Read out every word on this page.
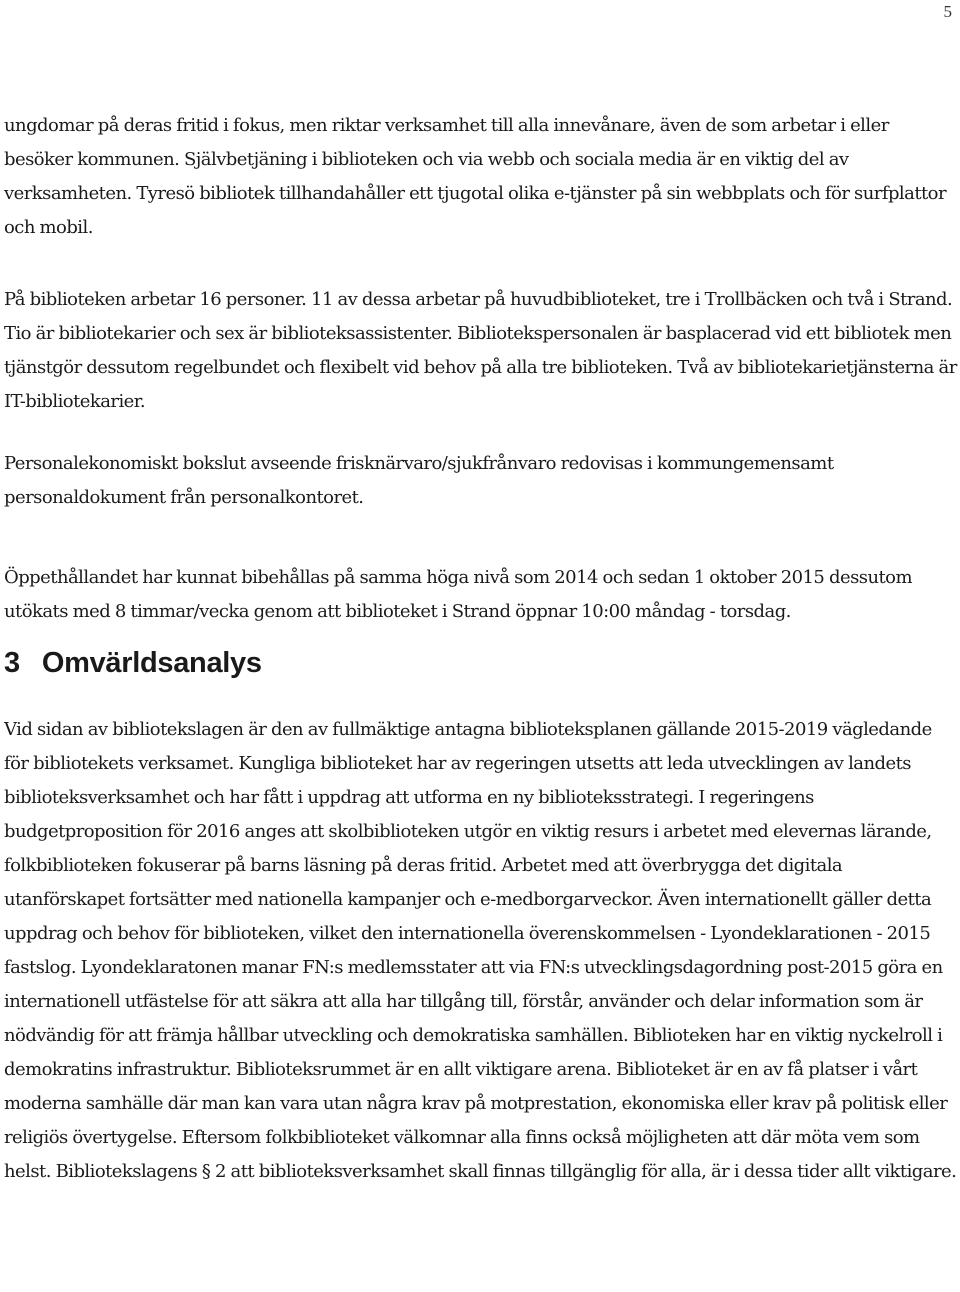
5

ungdomar på deras fritid i fokus, men riktar verksamhet till alla innevånare, även de som arbetar i eller besöker kommunen. Självbetjäning i biblioteken och via webb och sociala media är en viktig del av verksamheten. Tyresö bibliotek tillhandahåller ett tjugotal olika e-tjänster på sin webbplats och för surfplattor och mobil.

På biblioteken arbetar 16 personer. 11 av dessa arbetar på huvudbiblioteket, tre i Trollbäcken och två i Strand. Tio är bibliotekarier och sex är biblioteksassistenter. Bibliotekspersonalen är basplacerad vid ett bibliotek men tjänstgör dessutom regelbundet och flexibelt vid behov på alla tre biblioteken. Två av bibliotekarietjänsterna är IT-bibliotekarier.

Personalekonomiskt bokslut avseende frisknärvaro/sjukfrånvaro redovisas i kommungemensamt personaldokument från personalkontoret.

Öppethållandet har kunnat bibehållas på samma höga nivå som 2014 och sedan 1 oktober 2015 dessutom utökats med 8 timmar/vecka genom att biblioteket i Strand öppnar 10:00 måndag - torsdag.

3 Omvärldsanalys

Vid sidan av bibliotekslagen är den av fullmäktige antagna biblioteksplanen gällande 2015-2019 vägledande för bibliotekets verksamet. Kungliga biblioteket har av regeringen utsetts att leda utvecklingen av landets biblioteksverksamhet och har fått i uppdrag att utforma en ny biblioteksstrategi. I regeringens budgetproposition för 2016 anges att skolbiblioteken utgör en viktig resurs i arbetet med elevernas lärande, folkbiblioteken fokuserar på barns läsning på deras fritid. Arbetet med att överbrygga det digitala utanförskapet fortsätter med nationella kampanjer och e-medborgarveckor. Även internationellt gäller detta uppdrag och behov för biblioteken, vilket den internationella överenskommelsen - Lyondeklarationen - 2015 fastslog. Lyondeklaratonen manar FN:s medlemsstater att via FN:s utvecklingsdagordning post-2015 göra en internationell utfästelse för att säkra att alla har tillgång till, förstår, använder och delar information som är nödvändig för att främja hållbar utveckling och demokratiska samhällen. Biblioteken har en viktig nyckelroll i demokratins infrastruktur. Biblioteksrummet är en allt viktigare arena. Biblioteket är en av få platser i vårt moderna samhälle där man kan vara utan några krav på motprestation, ekonomiska eller krav på politisk eller religiös övertygelse. Eftersom folkbiblioteket välkomnar alla finns också möjligheten att där möta vem som helst. Bibliotekslagens § 2 att biblioteksverksamhet skall finnas tillgänglig för alla, är i dessa tider allt viktigare.
